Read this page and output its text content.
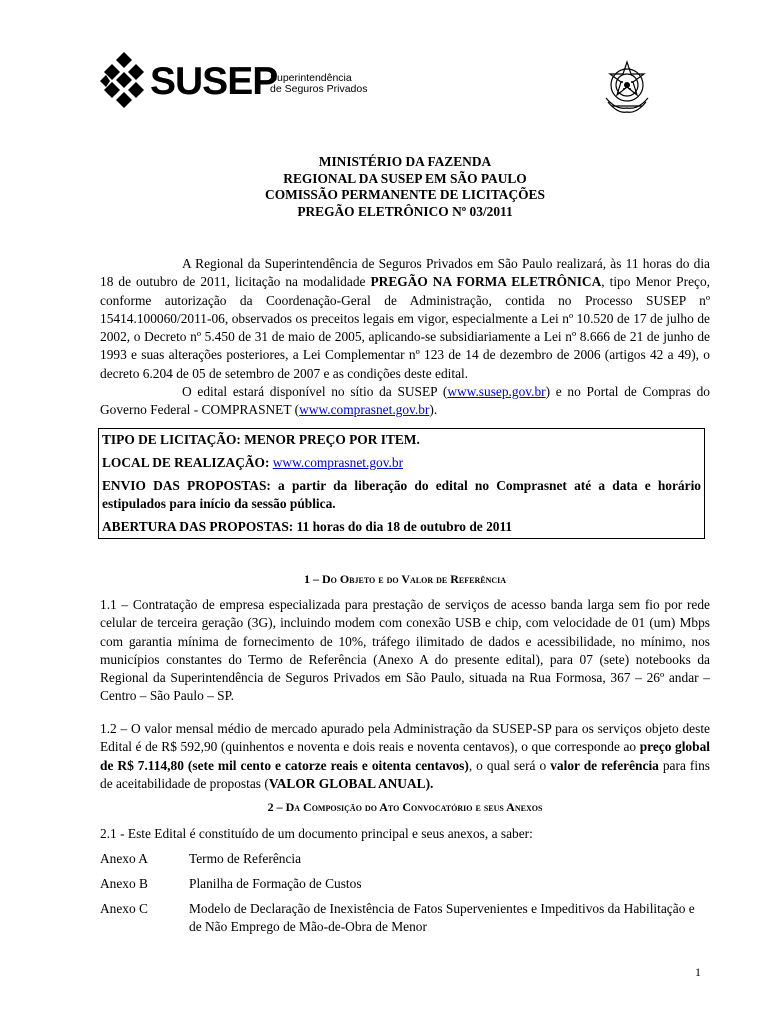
SUSEP
Superintendência
de Seguros Privados
MINISTÉRIO DA FAZENDA
REGIONAL DA SUSEP EM SÃO PAULO
COMISSÃO PERMANENTE DE LICITAÇÕES
PREGÃO ELETRÔNICO Nº 03/2011
A Regional da Superintendência de Seguros Privados em São Paulo realizará, às 11 horas do dia 18 de outubro de 2011, licitação na modalidade PREGÃO NA FORMA ELETRÔNICA, tipo Menor Preço, conforme autorização da Coordenação-Geral de Administração, contida no Processo SUSEP nº 15414.100060/2011-06, observados os preceitos legais em vigor, especialmente a Lei nº 10.520 de 17 de julho de 2002, o Decreto nº 5.450 de 31 de maio de 2005, aplicando-se subsidiariamente a Lei nº 8.666 de 21 de junho de 1993 e suas alterações posteriores, a Lei Complementar nº 123 de 14 de dezembro de 2006 (artigos 42 a 49), o decreto 6.204 de 05 de setembro de 2007 e as condições deste edital.
O edital estará disponível no sítio da SUSEP (www.susep.gov.br) e no Portal de Compras do Governo Federal - COMPRASNET (www.comprasnet.gov.br).
TIPO DE LICITAÇÃO: MENOR PREÇO POR ITEM.
LOCAL DE REALIZAÇÃO: www.comprasnet.gov.br
ENVIO DAS PROPOSTAS: a partir da liberação do edital no Comprasnet até a data e horário estipulados para início da sessão pública.
ABERTURA DAS PROPOSTAS: 11 horas do dia 18 de outubro de 2011
1 – Do Objeto e do Valor de Referência
1.1 – Contratação de empresa especializada para prestação de serviços de acesso banda larga sem fio por rede celular de terceira geração (3G), incluindo modem com conexão USB e chip, com velocidade de 01 (um) Mbps com garantia mínima de fornecimento de 10%, tráfego ilimitado de dados e acessibilidade, no mínimo, nos municípios constantes do Termo de Referência (Anexo A do presente edital), para 07 (sete) notebooks da Regional da Superintendência de Seguros Privados em São Paulo, situada na Rua Formosa, 367 – 26º andar – Centro – São Paulo – SP.
1.2 – O valor mensal médio de mercado apurado pela Administração da SUSEP-SP para os serviços objeto deste Edital é de R$ 592,90 (quinhentos e noventa e dois reais e noventa centavos), o que corresponde ao preço global de R$ 7.114,80 (sete mil cento e catorze reais e oitenta centavos), o qual será o valor de referência para fins de aceitabilidade de propostas (VALOR GLOBAL ANUAL).
2 – Da Composição do Ato Convocatório e seus Anexos
2.1 - Este Edital é constituído de um documento principal e seus anexos, a saber:
Anexo A	Termo de Referência
Anexo B	Planilha de Formação de Custos
Anexo C	Modelo de Declaração de Inexistência de Fatos Supervenientes e Impeditivos da Habilitação e de Não Emprego de Mão-de-Obra de Menor
1
